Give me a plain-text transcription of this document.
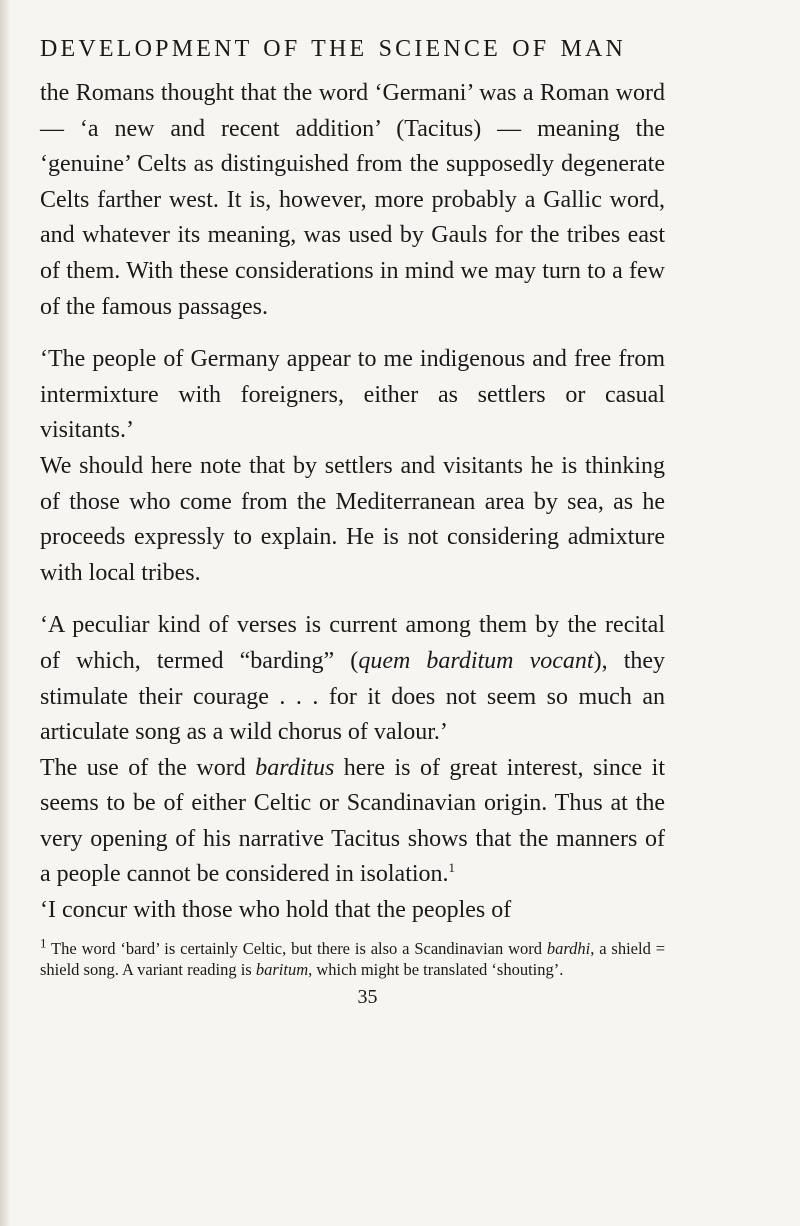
DEVELOPMENT OF THE SCIENCE OF MAN

the Romans thought that the word ‘Germani’ was a Roman word — ‘a new and recent addition’ (Tacitus) — meaning the ‘genuine’ Celts as distinguished from the supposedly degenerate Celts farther west. It is, however, more probably a Gallic word, and whatever its meaning, was used by Gauls for the tribes east of them. With these considerations in mind we may turn to a few of the famous passages.

‘The people of Germany appear to me indigenous and free from intermixture with foreigners, either as settlers or casual visitants.’

We should here note that by settlers and visitants he is thinking of those who come from the Mediterranean area by sea, as he proceeds expressly to explain. He is not considering admixture with local tribes.

‘A peculiar kind of verses is current among them by the recital of which, termed “barding” (quem barditum vocant), they stimulate their courage . . . for it does not seem so much an articulate song as a wild chorus of valour.’

The use of the word barditus here is of great interest, since it seems to be of either Celtic or Scandinavian origin. Thus at the very opening of his narrative Tacitus shows that the manners of a people cannot be considered in isolation.$^1$

‘I concur with those who hold that the peoples of

$^1$ The word ‘bard’ is certainly Celtic, but there is also a Scandinavian word bardhi, a shield = shield song. A variant reading is baritum, which might be translated ‘shouting’.

35
